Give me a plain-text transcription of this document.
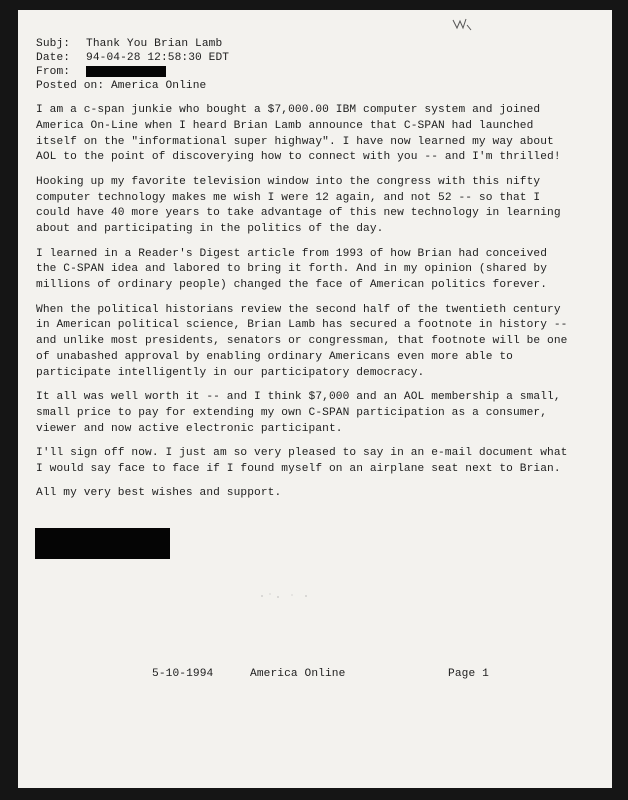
Subj:	Thank You Brian Lamb
Date:	94-04-28 12:58:30 EDT
From:
Posted on: America Online

I am a c-span junkie who bought a $7,000.00 IBM computer system and joined
America On-Line when I heard Brian Lamb announce that C-SPAN had launched
itself on the "informational super highway". I have now learned my way about
AOL to the point of discoverying how to connect with you -- and I'm thrilled!

Hooking up my favorite television window into the congress with this nifty
computer technology makes me wish I were 12 again, and not 52 -- so that I
could have 40 more years to take advantage of this new technology in learning
about and participating in the politics of the day.

I learned in a Reader's Digest article from 1993 of how Brian had conceived
the C-SPAN idea and labored to bring it forth. And in my opinion (shared by
millions of ordinary people) changed the face of American politics forever.

When the political historians review the second half of the twentieth century
in American political science, Brian Lamb has secured a footnote in history --
and unlike most presidents, senators or congressman, that footnote will be one
of unabashed approval by enabling ordinary Americans even more able to
participate intelligently in our participatory democracy.

It all was well worth it -- and I think $7,000 and an AOL membership a small,
small price to pay for extending my own C-SPAN participation as a consumer,
viewer and now active electronic participant.

I'll sign off now. I just am so very pleased to say in an e-mail document what
I would say face to face if I found myself on an airplane seat next to Brian.

All my very best wishes and support.

5-10-1994	America Online	Page 1
